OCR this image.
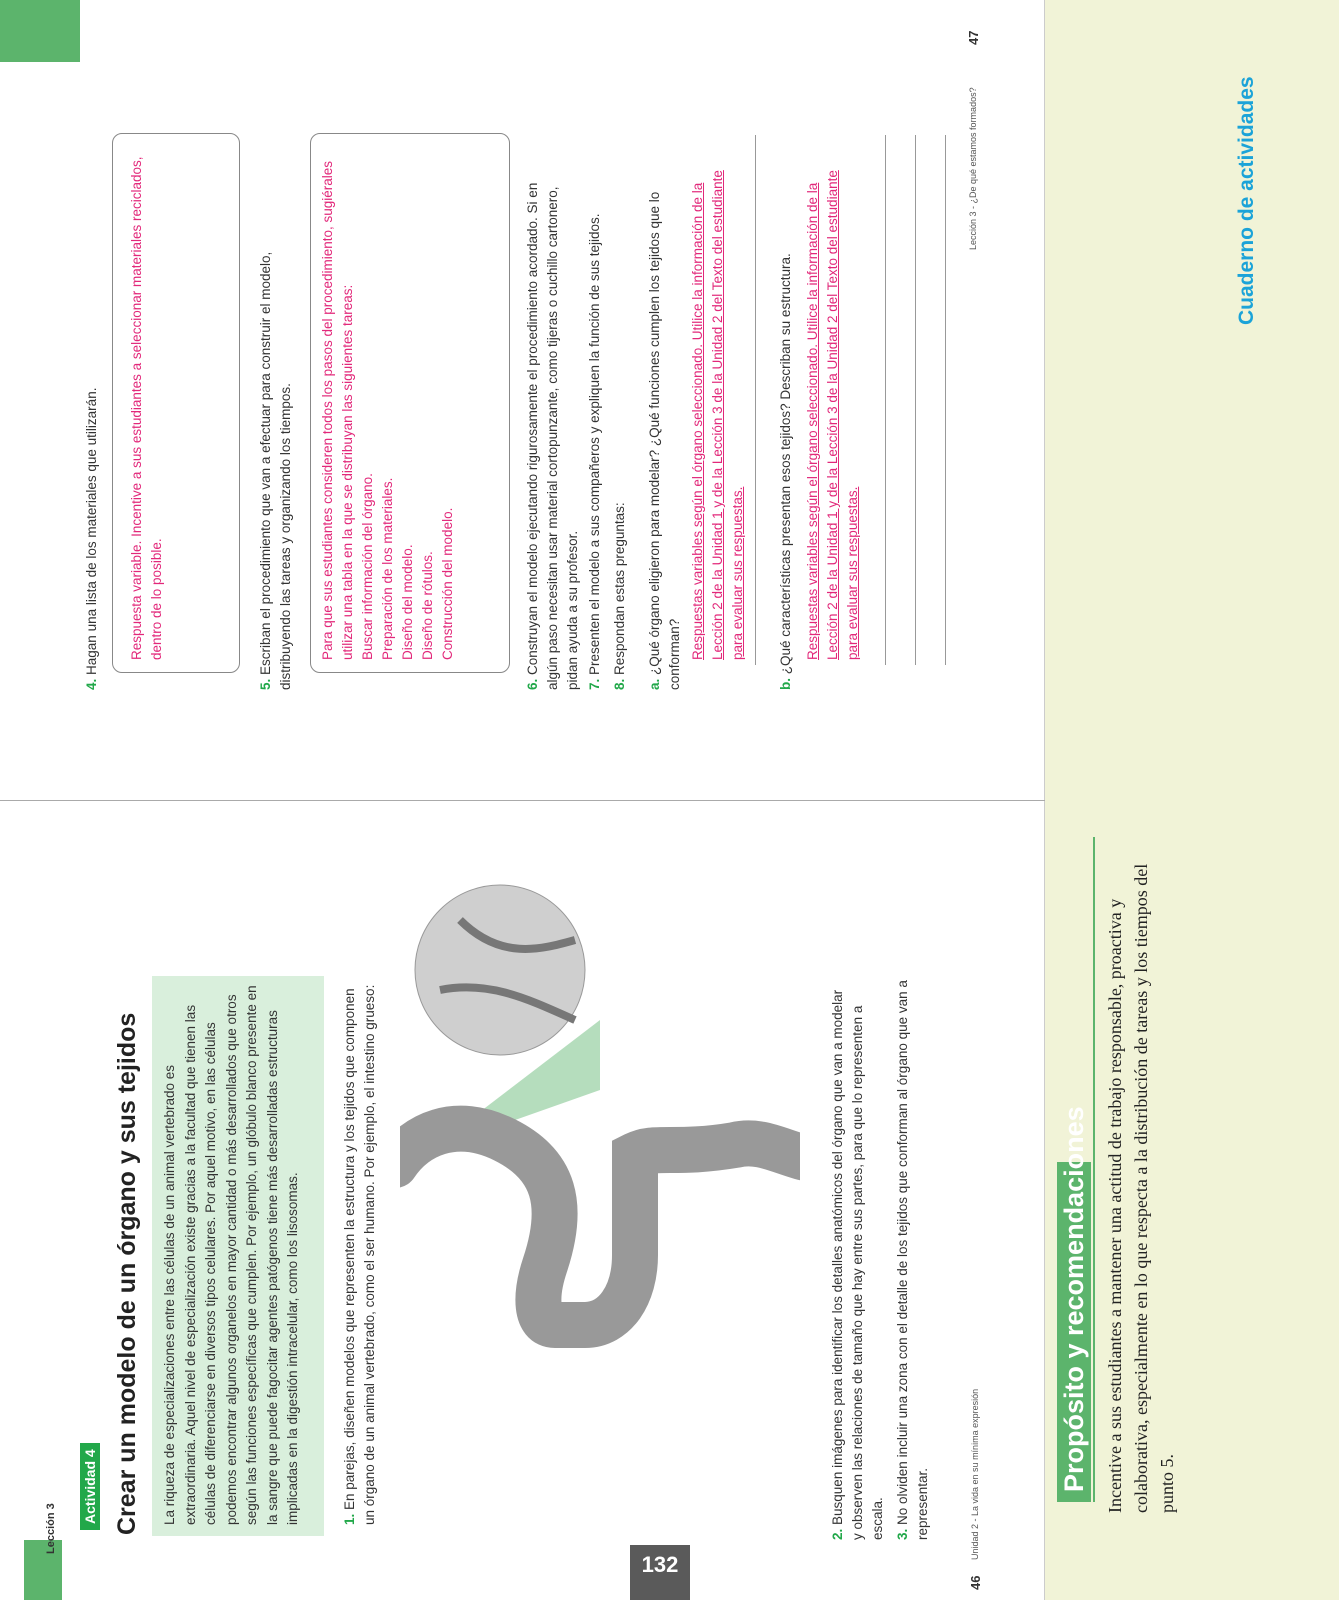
Cuaderno de actividades
Propósito y recomendaciones Incentive a sus estudiantes a mantener una actitud de trabajo responsable, proactiva y colaborativa, especialmente en lo que respecta a la distribución de tareas y los tiempos del punto 5.
132
Lección 3
Actividad 4 Crear un modelo de un órgano y sus tejidos La riqueza de especializaciones entre las células de un animal vertebrado es extraordinaria. Aquel nivel de especialización existe gracias a la facultad que tienen las células de diferenciarse en diversos tipos celulares. Por aquel motivo, en las células podemos encontrar algunos organelos en mayor cantidad o más desarrollados que otros según las funciones específicas que cumplen. Por ejemplo, un glóbulo blanco presente en la sangre que puede fagocitar agentes patógenos tiene más desarrolladas estructuras implicadas en la digestión intracelular, como los lisosomas.	1. En parejas, diseñen modelos que representen la estructura y los tejidos que componen un órgano de un animal vertebrado, como el ser humano. Por ejemplo, el intestino grueso:
2. Busquen imágenes para identificar los detalles anatómicos del órgano que van a modelar y observen las relaciones de tamaño que hay entre sus partes, para que lo representen a escala. 3. No olviden incluir una zona con el detalle de los tejidos que conforman al órgano que van a representar.
46
Unidad 2 - La vida en su mínima expresión
4. Hagan una lista de los materiales que utilizarán. Respuesta variable. Incentive a sus estudiantes a seleccionar materiales reciclados, dentro de lo posible.
5. Escriban el procedimiento que van a efectuar para construir el modelo, distribuyendo las tareas y organizando los tiempos. Para que sus estudiantes consideren todos los pasos del procedimiento, sugiérales utilizar una tabla en la que se distribuyan las siguientes tareas: Buscar información del órgano. Preparación de los materiales. Diseño del modelo. Diseño de rótulos. Construcción del modelo.
6. Construyan el modelo ejecutando rigurosamente el procedimiento acordado. Si en algún paso necesitan usar material cortopunzante, como tijeras o cuchillo cartonero, pidan ayuda a su profesor. 7. Presenten el modelo a sus compañeros y expliquen la función de sus tejidos.
8. Respondan estas preguntas:
a. ¿Qué órgano eligieron para modelar? ¿Qué funciones cumplen los tejidos que lo conforman? Respuestas variables según el órgano seleccionado. Utilice la información de la Lección 2 de la Unidad 1 y de la Lección 3 de la Unidad 2 del Texto del estudiante para evaluar sus respuestas.
b. ¿Qué características presentan esos tejidos? Describan su estructura. Respuestas variables según el órgano seleccionado. Utilice la información de la Lección 2 de la Unidad 1 y de la Lección 3 de la Unidad 2 del Texto del estudiante para evaluar sus respuestas.
Lección 3 - ¿De qué estamos formados?
47
